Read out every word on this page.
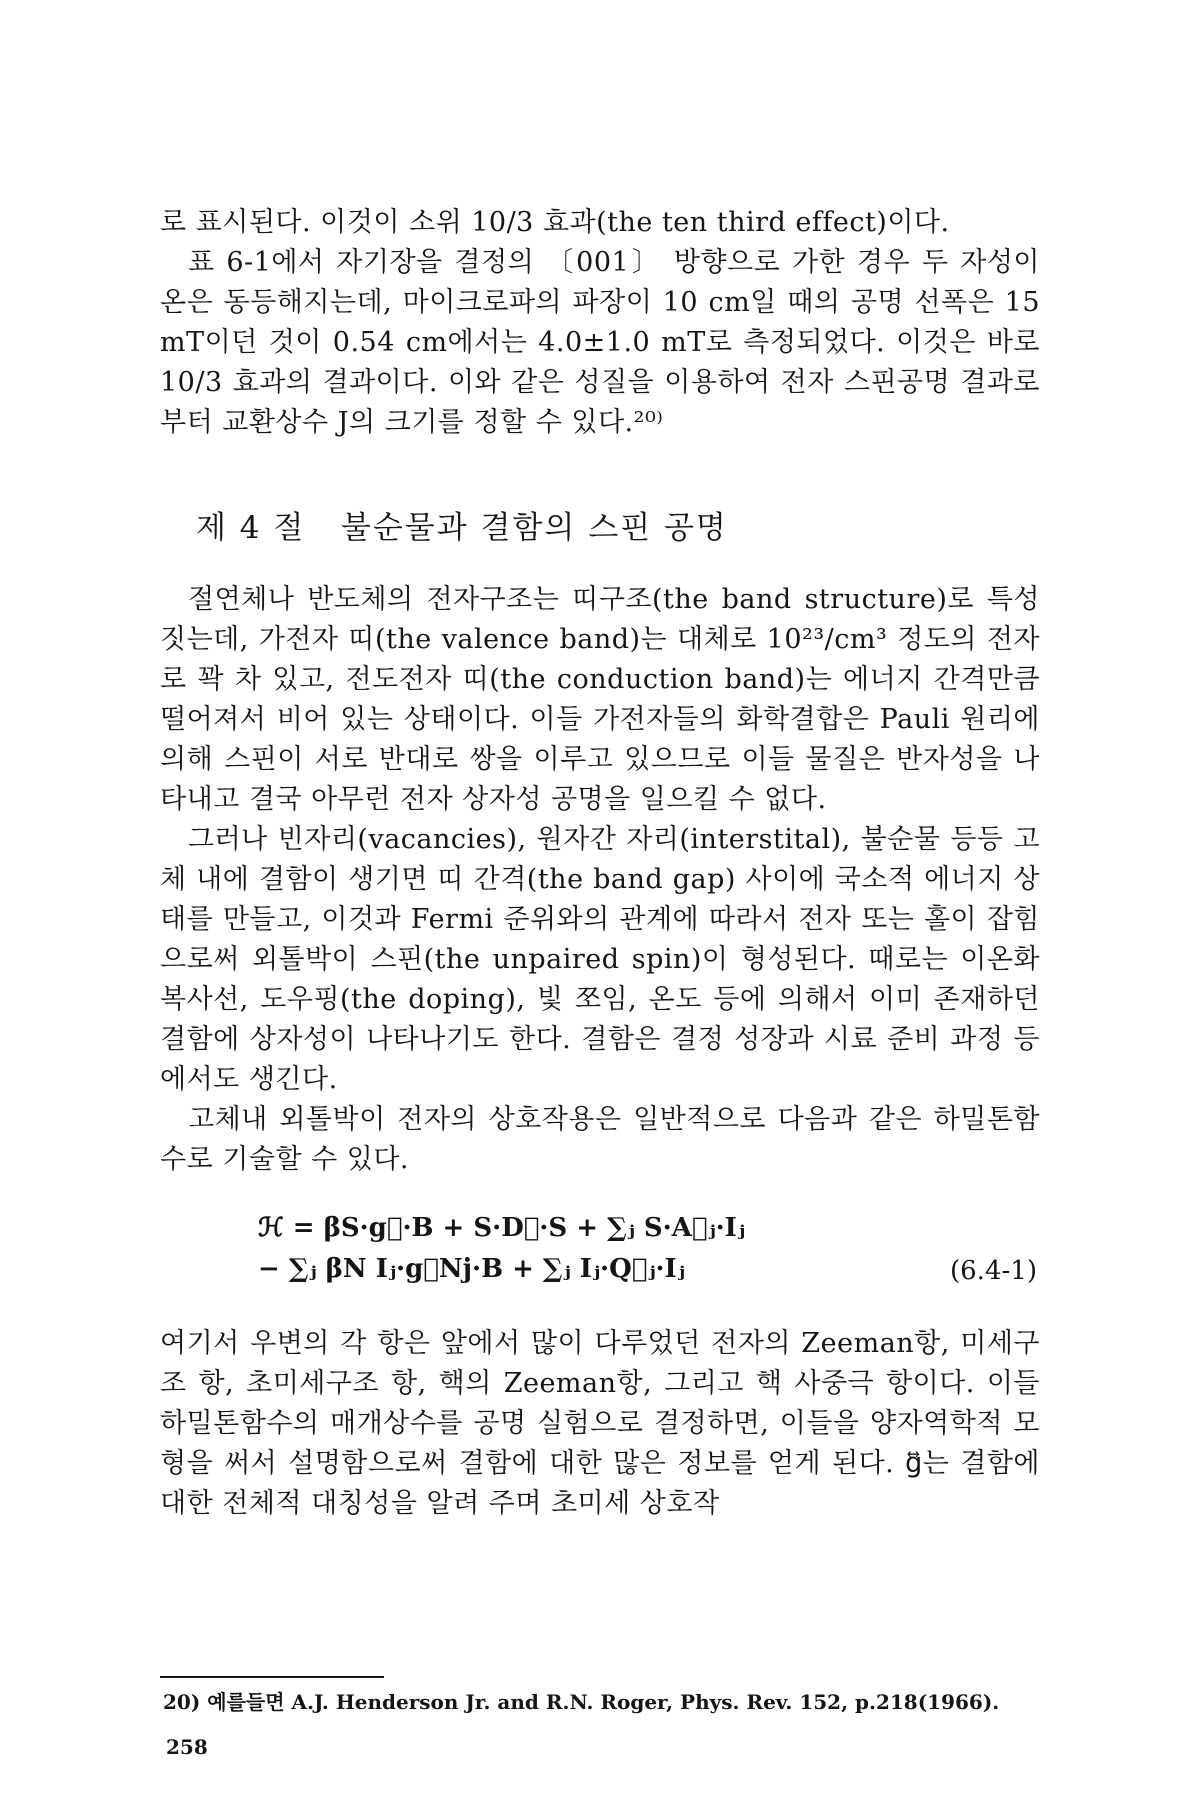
로 표시된다. 이것이 소위 10/3 효과(the ten third effect)이다.

표 6-1에서 자기장을 결정의 〔001〕 방향으로 가한 경우 두 자성이 온은 동등해지는데, 마이크로파의 파장이 10 cm일 때의 공명 선폭은 15 mT이던 것이 0.54 cm에서는 4.0±1.0 mT로 측정되었다. 이것은 바로 10/3 효과의 결과이다. 이와 같은 성질을 이용하여 전자 스핀공명 결과로부터 교환상수 J의 크기를 정할 수 있다.²⁰⁾

제 4 절   불순물과 결함의 스핀 공명

절연체나 반도체의 전자구조는 띠구조(the band structure)로 특성짓는데, 가전자 띠(the valence band)는 대체로 10²³/cm³ 정도의 전자로 꽉 차 있고, 전도전자 띠(the conduction band)는 에너지 간격만큼 떨어져서 비어 있는 상태이다. 이들 가전자들의 화학결합은 Pauli 원리에 의해 스핀이 서로 반대로 쌍을 이루고 있으므로 이들 물질은 반자성을 나타내고 결국 아무런 전자 상자성 공명을 일으킬 수 없다.

그러나 빈자리(vacancies), 원자간 자리(interstital), 불순물 등등 고체 내에 결함이 생기면 띠 간격(the band gap) 사이에 국소적 에너지 상태를 만들고, 이것과 Fermi 준위와의 관계에 따라서 전자 또는 홀이 잡힘으로써 외톨박이 스핀(the unpaired spin)이 형성된다. 때로는 이온화 복사선, 도우핑(the doping), 빛 쪼임, 온도 등에 의해서 이미 존재하던 결함에 상자성이 나타나기도 한다. 결함은 결정 성장과 시료 준비 과정 등에서도 생긴다.

고체내 외톨박이 전자의 상호작용은 일반적으로 다음과 같은 하밀톤함수로 기술할 수 있다.

ℋ = βS·g⃡·B + S·D⃡·S + ∑ⱼ S·A⃡ⱼ·Iⱼ
− ∑ⱼ βN Iⱼ·g⃡Nj·B + ∑ⱼ Iⱼ·Q⃡ⱼ·Iⱼ	(6.4-1)

여기서 우변의 각 항은 앞에서 많이 다루었던 전자의 Zeeman항, 미세구조 항, 초미세구조 항, 핵의 Zeeman항, 그리고 핵 사중극 항이다. 이들 하밀톤함수의 매개상수를 공명 실험으로 결정하면, 이들을 양자역학적 모형을 써서 설명함으로써 결함에 대한 많은 정보를 얻게 된다. g⃡는 결함에 대한 전체적 대칭성을 알려 주며 초미세 상호작

20) 예를들면 A.J. Henderson Jr. and R.N. Roger, Phys. Rev. 152, p.218(1966).
258
